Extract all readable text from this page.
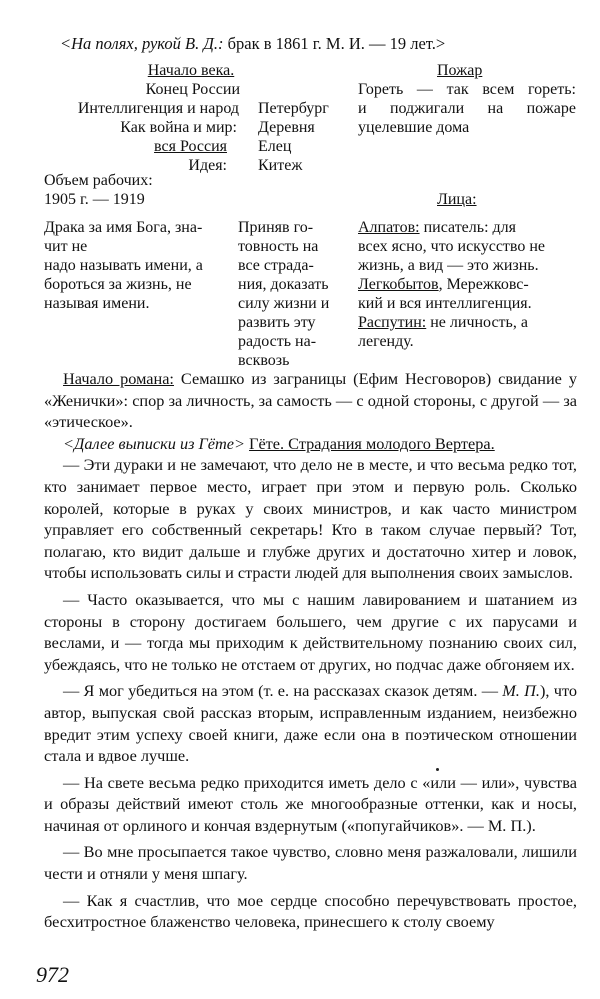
<На полях, рукой В. Д.: брак в 1861 г. М. И. — 19 лет.>
Начало века.
Конец России
Интеллигенция и народ
Как война и мир:
вся Россия
Идея:
Петербург
Деревня
Елец
Китеж
Пожар
Гореть — так всем гореть:
и поджигали на пожаре
уцелевшие дома
Объем рабочих:
1905 г. — 1919	Лица:
Драка за имя Бога, зна-
чит не
надо называть имени, а
бороться за жизнь, не
называя имени.
Приняв го-
товность на
все страда-
ния, доказать
силу жизни и
развить эту
радость на-
всквозь
Алпатов: писатель: для
всех ясно, что искусство не
жизнь, а вид — это жизнь.
Легкобытов, Мережковс-
кий и вся интеллигенция.
Распутин: не личность, а
легенду.

Начало романа: Семашко из заграницы (Ефим Несговоров) свидание у «Женички»: спор за личность, за самость — с одной стороны, с другой — за «этическое».

<Далее выписки из Гёте> Гёте. Страдания молодого Вертера.

— Эти дураки и не замечают, что дело не в месте, и что весьма редко тот, кто занимает первое место, играет при этом и первую роль. Сколько королей, которые в руках у своих министров, и как часто министром управляет его собственный секретарь! Кто в таком случае первый? Тот, полагаю, кто видит дальше и глубже других и достаточно хитер и ловок, чтобы использовать силы и страсти людей для выполнения своих замыслов.

— Часто оказывается, что мы с нашим лавированием и шатанием из стороны в сторону достигаем большего, чем другие с их парусами и веслами, и — тогда мы приходим к действительному познанию своих сил, убеждаясь, что не только не отстаем от других, но подчас даже обгоняем их.

— Я мог убедиться на этом (т. е. на рассказах сказок детям. — М. П.), что автор, выпуская свой рассказ вторым, исправленным изданием, неизбежно вредит этим успеху своей книги, даже если она в поэтическом отношении стала и вдвое лучше.

— На свете весьма редко приходится иметь дело с «или — или», чувства и образы действий имеют столь же многообразные оттенки, как и носы, начиная от орлиного и кончая вздернутым («попугайчиков». — М. П.).

— Во мне просыпается такое чувство, словно меня разжаловали, лишили чести и отняли у меня шпагу.

— Как я счастлив, что мое сердце способно перечувствовать простое, бесхитростное блаженство человека, принесшего к столу своему

972
